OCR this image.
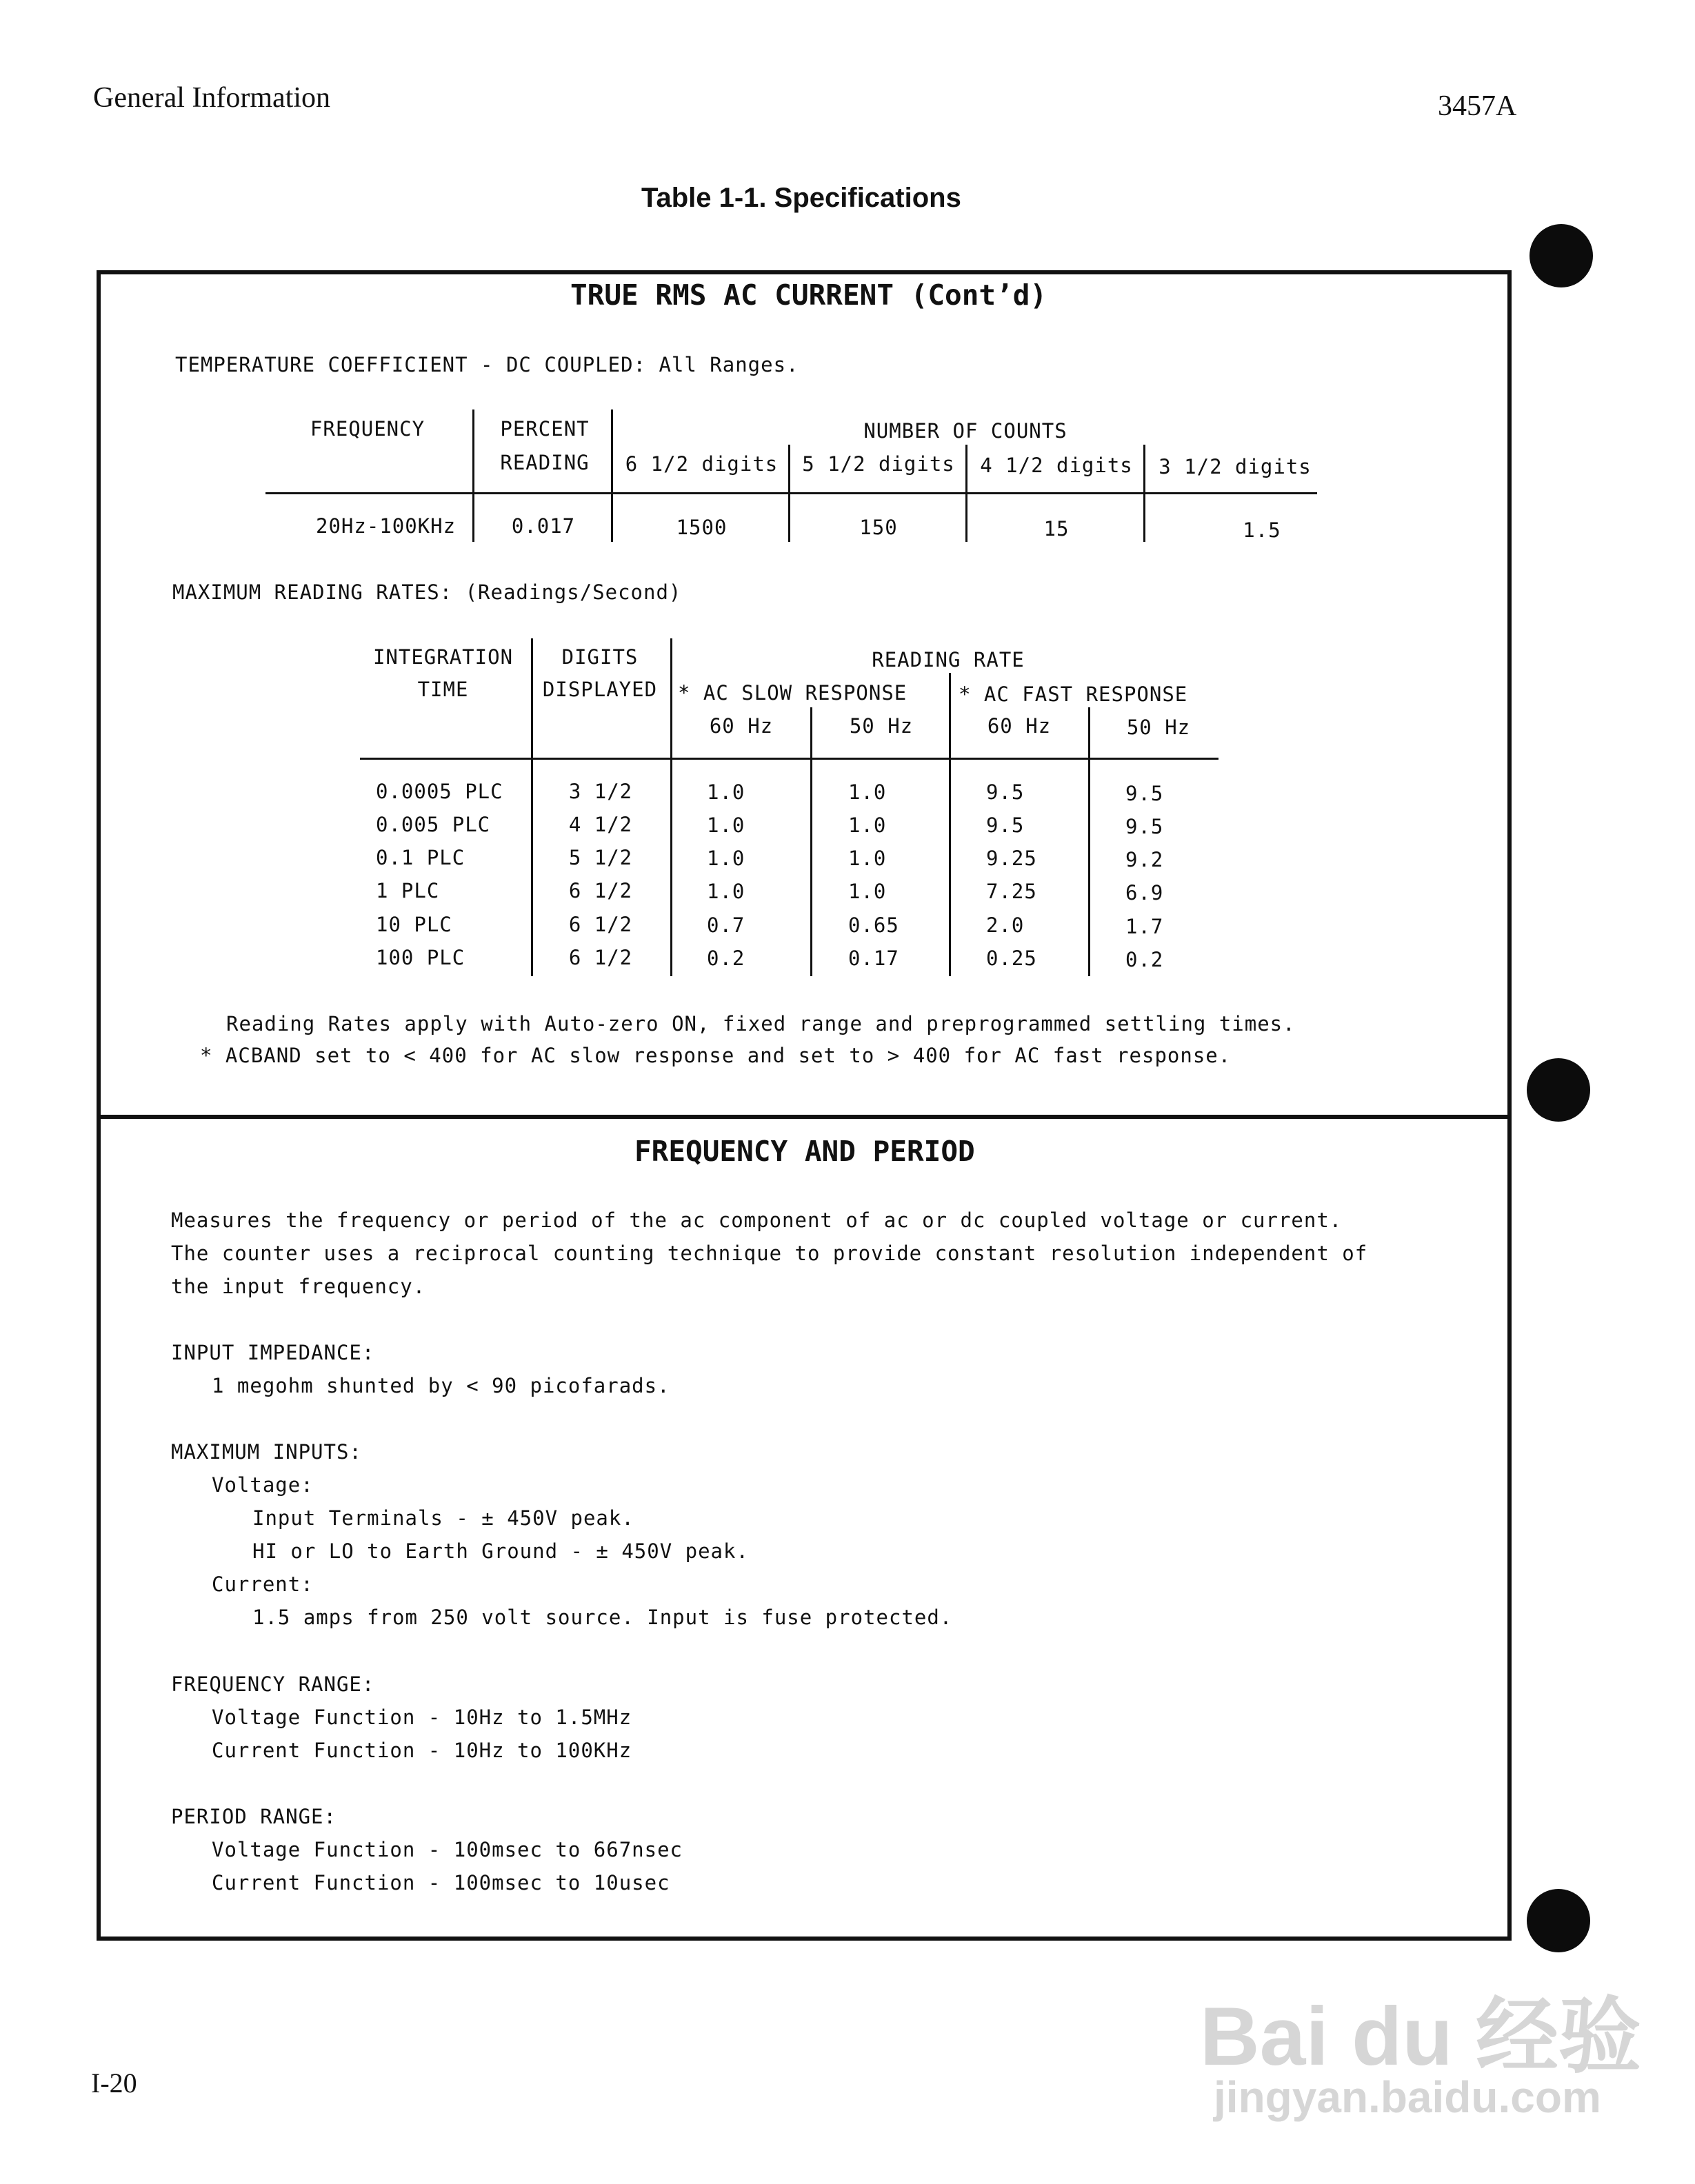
General Information	3457A
Table 1-1. Specifications
TRUE RMS AC CURRENT (Cont’d)
TEMPERATURE COEFFICIENT - DC COUPLED: All Ranges.
FREQUENCY	PERCENT
READING
NUMBER OF COUNTS
6 1/2 digits	5 1/2 digits	4 1/2 digits	3 1/2 digits
20Hz-100KHz	0.017	1500	150	15	1.5
MAXIMUM READING RATES: (Readings/Second)
INTEGRATION
TIME
DIGITS
DISPLAYED
READING RATE
* AC SLOW RESPONSE	* AC FAST RESPONSE
60 Hz	50 Hz	60 Hz	50 Hz
0.0005 PLC	3 1/2	1.0	1.0	9.5	9.5
0.005 PLC	4 1/2	1.0	1.0	9.5	9.5
0.1 PLC	5 1/2	1.0	1.0	9.25	9.2
1 PLC	6 1/2	1.0	1.0	7.25	6.9
10 PLC	6 1/2	0.7	0.65	2.0	1.7
100 PLC	6 1/2	0.2	0.17	0.25	0.2
Reading Rates apply with Auto-zero ON, fixed range and preprogrammed settling times.
* ACBAND set to < 400 for AC slow response and set to > 400 for AC fast response.
FREQUENCY AND PERIOD
Measures the frequency or period of the ac component of ac or dc coupled voltage or current.
The counter uses a reciprocal counting technique to provide constant resolution independent of
the input frequency.
INPUT IMPEDANCE:
1 megohm shunted by < 90 picofarads.
MAXIMUM INPUTS:
Voltage:
Input Terminals - ± 450V peak.
HI or LO to Earth Ground - ± 450V peak.
Current:
1.5 amps from 250 volt source. Input is fuse protected.
FREQUENCY RANGE:
Voltage Function - 10Hz to 1.5MHz
Current Function - 10Hz to 100KHz
PERIOD RANGE:
Voltage Function - 100msec to 667nsec
Current Function - 100msec to 10usec
I-20
Bai du 经验
jingyan.baidu.com
